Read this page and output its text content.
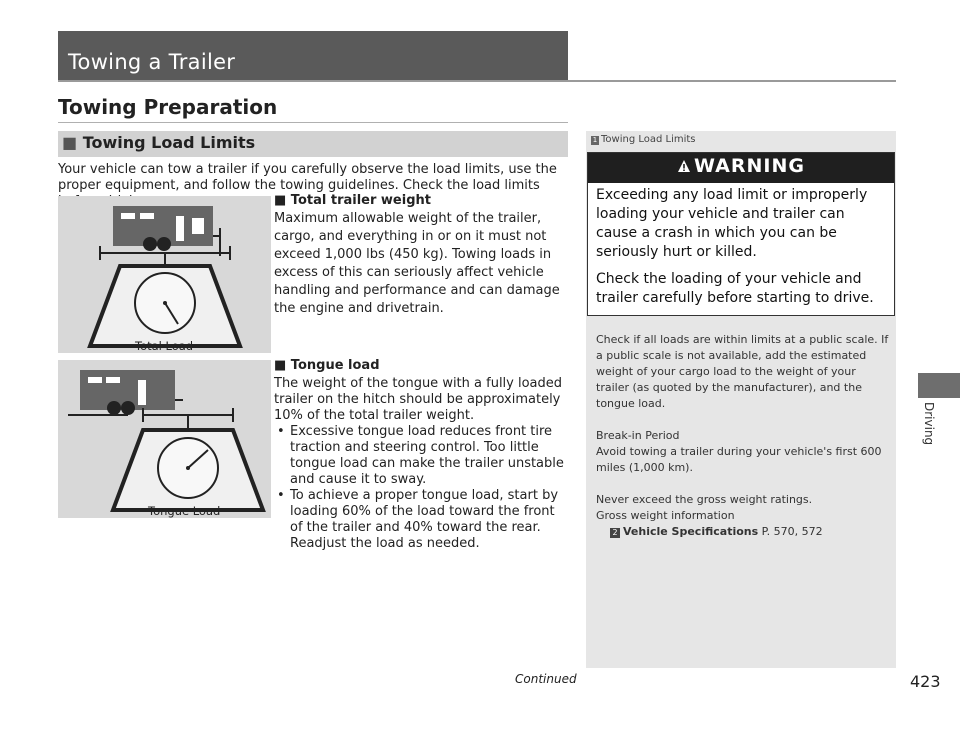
Towing a Trailer
Towing Preparation
■ Towing Load Limits
Your vehicle can tow a trailer if you carefully observe the load limits, use the proper equipment, and follow the towing guidelines. Check the load limits
Total Load
Tongue Load
■ Total trailer weight
Maximum allowable weight of the trailer, cargo, and everything in or on it must not exceed 1,000 lbs (450 kg). Towing loads in excess of this can seriously affect vehicle handling and performance and can damage the engine and drivetrain.
■ Tongue load
The weight of the tongue with a fully loaded trailer on the hitch should be approximately 10% of the total trailer weight.
• Excessive tongue load reduces front tire traction and steering control. Too little tongue load can make the trailer unstable and cause it to sway.
• To achieve a proper tongue load, start by loading 60% of the load toward the front of the trailer and 40% toward the rear. Readjust the load as needed.
1 Towing Load Limits
WARNING

Exceeding any load limit or improperly loading your vehicle and trailer can cause a crash in which you can be seriously hurt or killed.

Check the loading of your vehicle and trailer carefully before starting to drive.

Check if all loads are within limits at a public scale. If a public scale is not available, add the estimated weight of your cargo load to the weight of your trailer (as quoted by the manufacturer), and the tongue load.

Break-in Period
Avoid towing a trailer during your vehicle's first 600 miles (1,000 km).

Never exceed the gross weight ratings.
Gross weight information
2 Vehicle Specifications P. 570, 572

Driving
Continued	423
